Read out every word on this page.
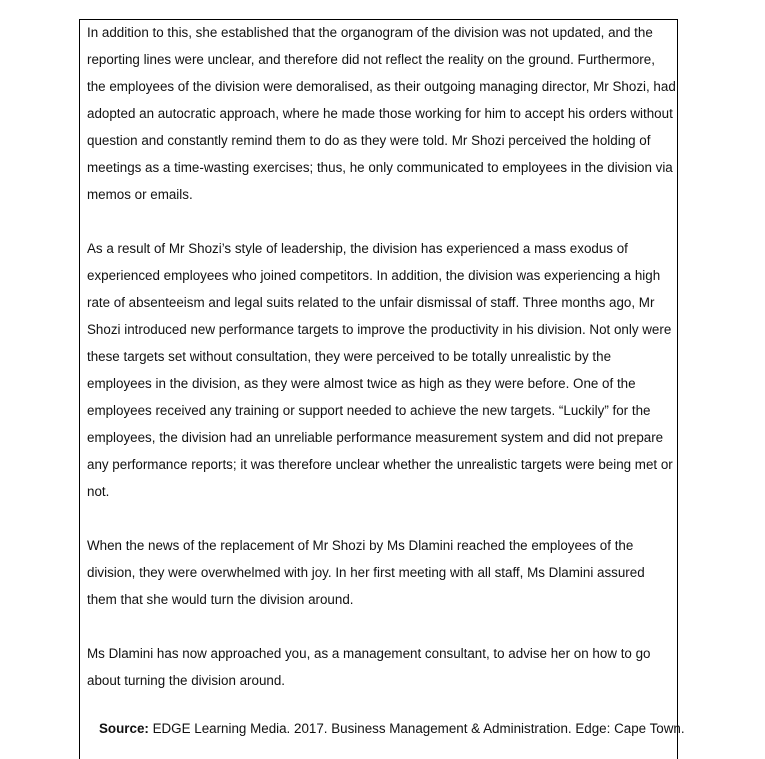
In addition to this, she established that the organogram of the division was not updated, and the reporting lines were unclear, and therefore did not reflect the reality on the ground. Furthermore, the employees of the division were demoralised, as their outgoing managing director, Mr Shozi, had adopted an autocratic approach, where he made those working for him to accept his orders without question and constantly remind them to do as they were told. Mr Shozi perceived the holding of meetings as a time-wasting exercises; thus, he only communicated to employees in the division via memos or emails.

As a result of Mr Shozi’s style of leadership, the division has experienced a mass exodus of experienced employees who joined competitors. In addition, the division was experiencing a high rate of absenteeism and legal suits related to the unfair dismissal of staff. Three months ago, Mr Shozi introduced new performance targets to improve the productivity in his division. Not only were these targets set without consultation, they were perceived to be totally unrealistic by the employees in the division, as they were almost twice as high as they were before. One of the employees received any training or support needed to achieve the new targets. “Luckily” for the employees, the division had an unreliable performance measurement system and did not prepare any performance reports; it was therefore unclear whether the unrealistic targets were being met or not.

When the news of the replacement of Mr Shozi by Ms Dlamini reached the employees of the division, they were overwhelmed with joy. In her first meeting with all staff, Ms Dlamini assured them that she would turn the division around.

Ms Dlamini has now approached you, as a management consultant, to advise her on how to go about turning the division around.

Source: EDGE Learning Media. 2017. Business Management & Administration. Edge: Cape Town.
